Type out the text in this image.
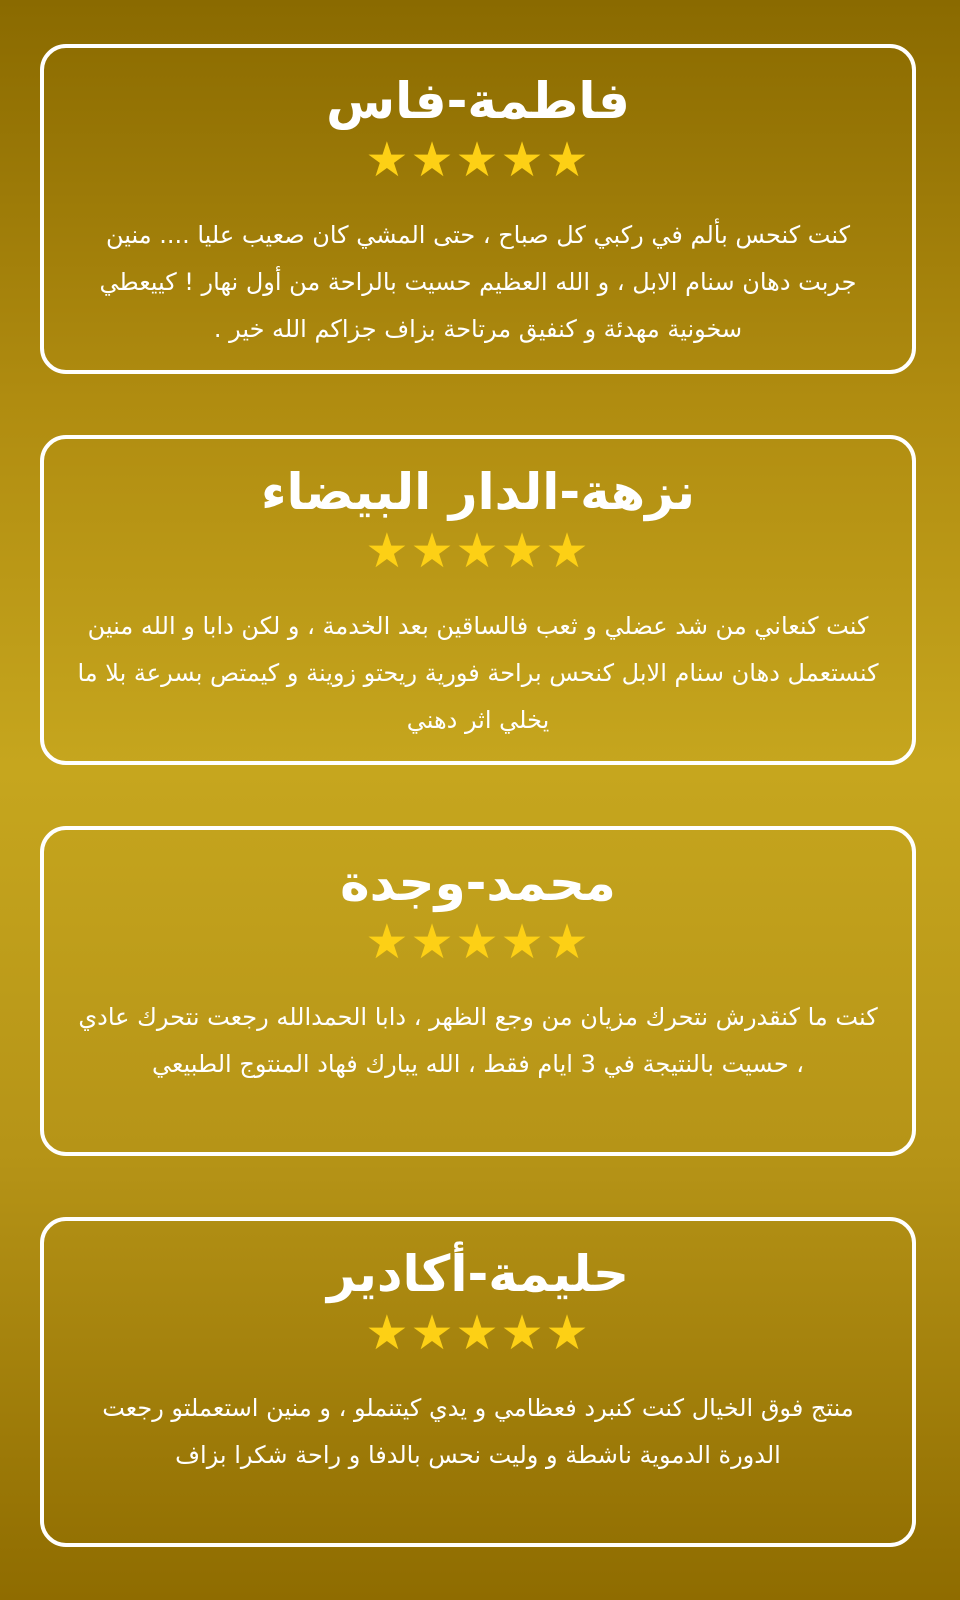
فاطمة-فاس
★★★★★
كنت كنحس بألم في ركبي كل صباح ، حتى المشي كان صعيب عليا .... منين جربت دهان سنام الابل ، و الله العظيم حسيت بالراحة من أول نهار ! كييعطي سخونية مهدئة و كنفيق مرتاحة بزاف جزاكم الله خير .
نزهة-الدار البيضاء
★★★★★
كنت كنعاني من شد عضلي و ثعب فالساقين بعد الخدمة ، و لكن دابا و الله منين كنستعمل دهان سنام الابل كنحس براحة فورية ريحتو زوينة و كيمتص بسرعة بلا ما يخلي اثر دهني
محمد-وجدة
★★★★★
كنت ما كنقدرش نتحرك مزيان من وجع الظهر ، دابا الحمدالله رجعت نتحرك عادي ، حسيت بالنتيجة في 3 ايام فقط ، الله يبارك فهاد المنتوج الطبيعي
حليمة-أكادير
★★★★★
منتج فوق الخيال كنت كنبرد فعظامي و يدي كيتنملو ، و منين استعملتو رجعت الدورة الدموية ناشطة و وليت نحس بالدفا و راحة شكرا بزاف
